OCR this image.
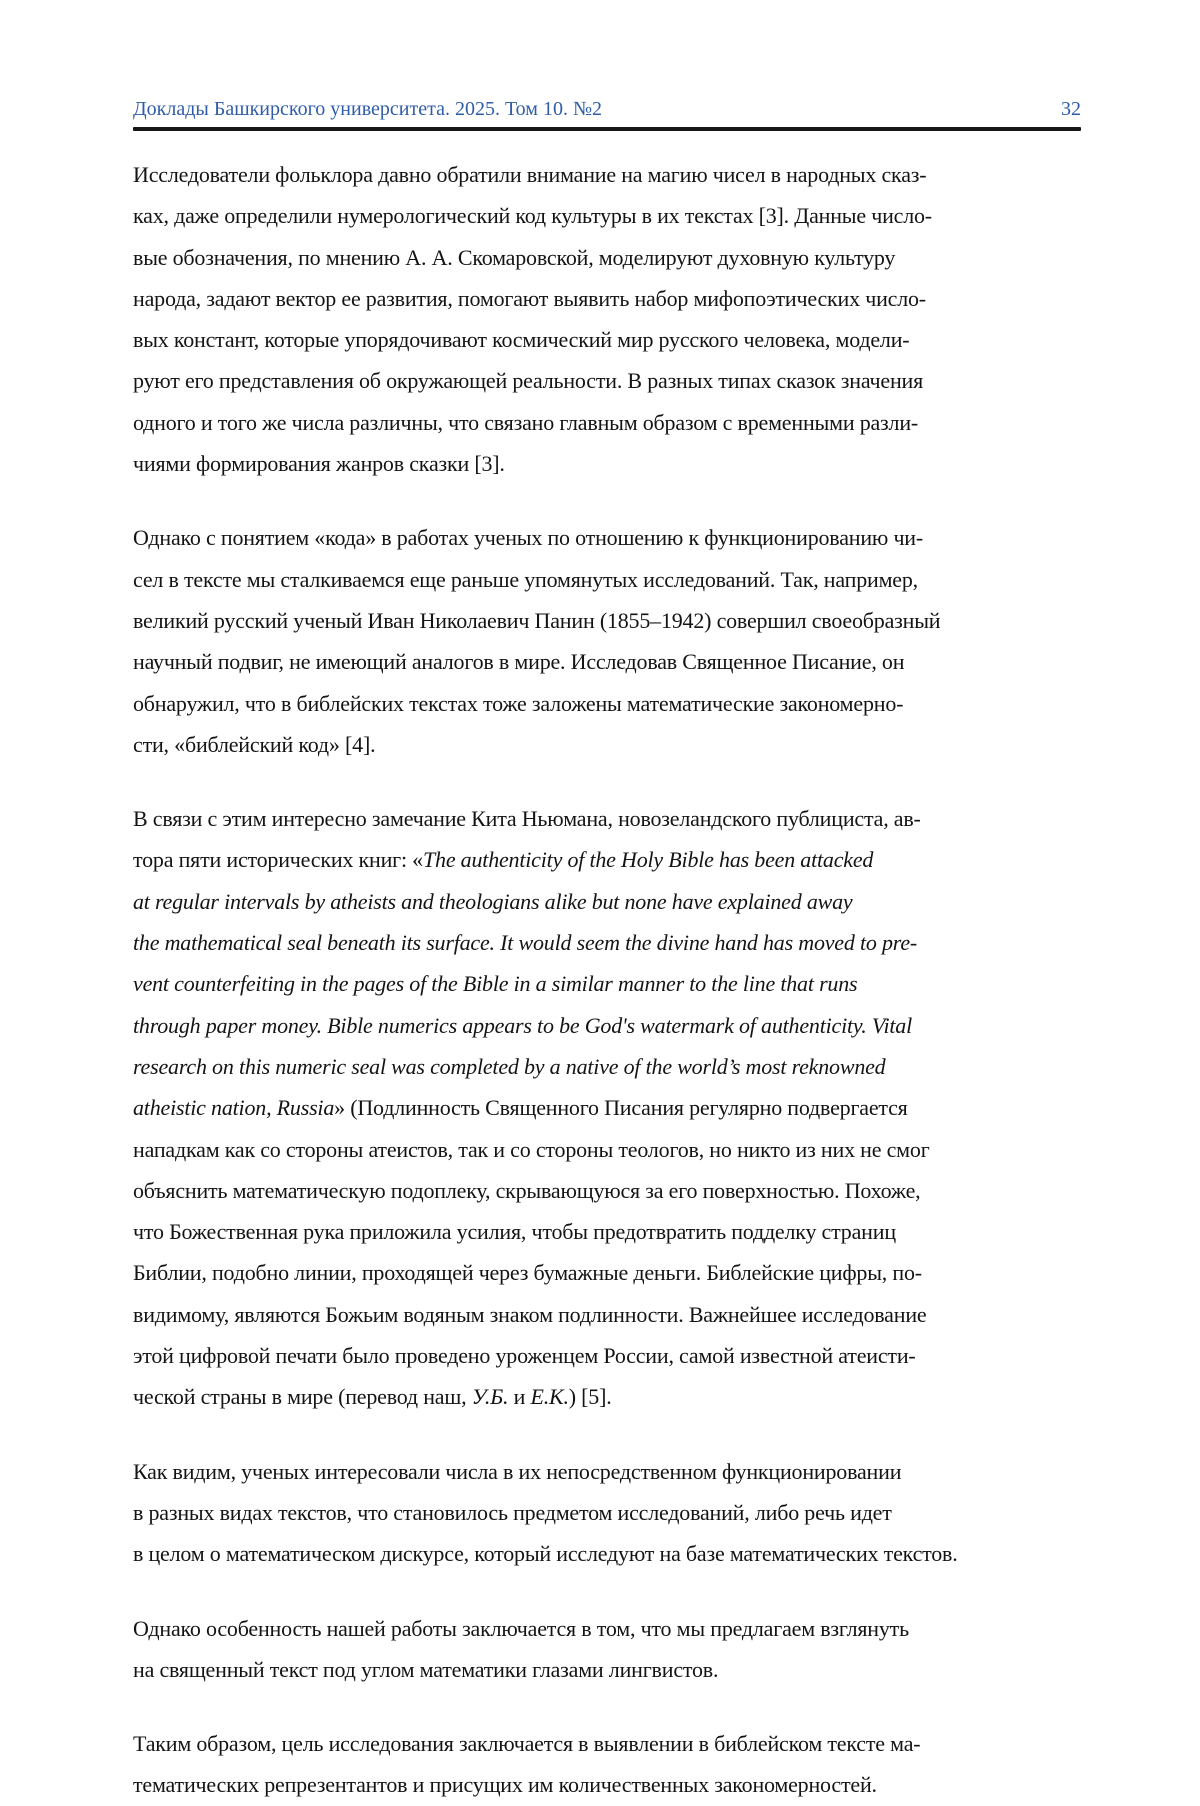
Доклады Башкирского университета. 2025. Том 10. №2	32
Исследователи фольклора давно обратили внимание на магию чисел в народных сказ-
ках, даже определили нумерологический код культуры в их текстах [3]. Данные число-
вые обозначения, по мнению А. А. Скомаровской, моделируют духовную культуру
народа, задают вектор ее развития, помогают выявить набор мифопоэтических число-
вых констант, которые упорядочивают космический мир русского человека, модели-
руют его представления об окружающей реальности. В разных типах сказок значения
одного и того же числа различны, что связано главным образом с временными разли-
чиями формирования жанров сказки [3].
Однако с понятием «кода» в работах ученых по отношению к функционированию чи-
сел в тексте мы сталкиваемся еще раньше упомянутых исследований. Так, например,
великий русский ученый Иван Николаевич Панин (1855–1942) совершил своеобразный
научный подвиг, не имеющий аналогов в мире. Исследовав Священное Писание, он
обнаружил, что в библейских текстах тоже заложены математические закономерно-
сти, «библейский код» [4].
В связи с этим интересно замечание Кита Ньюмана, новозеландского публициста, ав-
тора пяти исторических книг: «The authenticity of the Holy Bible has been attacked
at regular intervals by atheists and theologians alike but none have explained away
the mathematical seal beneath its surface. It would seem the divine hand has moved to pre-
vent counterfeiting in the pages of the Bible in a similar manner to the line that runs
through paper money. Bible numerics appears to be God's watermark of authenticity. Vital
research on this numeric seal was completed by a native of the world’s most reknowned
atheistic nation, Russia» (Подлинность Священного Писания регулярно подвергается
нападкам как со стороны атеистов, так и со стороны теологов, но никто из них не смог
объяснить математическую подоплеку, скрывающуюся за его поверхностью. Похоже,
что Божественная рука приложила усилия, чтобы предотвратить подделку страниц
Библии, подобно линии, проходящей через бумажные деньги. Библейские цифры, по-
видимому, являются Божьим водяным знаком подлинности. Важнейшее исследование
этой цифровой печати было проведено уроженцем России, самой известной атеисти-
ческой страны в мире (перевод наш, У.Б. и Е.К.) [5].
Как видим, ученых интересовали числа в их непосредственном функционировании
в разных видах текстов, что становилось предметом исследований, либо речь идет
в целом о математическом дискурсе, который исследуют на базе математических текстов.
Однако особенность нашей работы заключается в том, что мы предлагаем взглянуть
на священный текст под углом математики глазами лингвистов.
Таким образом, цель исследования заключается в выявлении в библейском тексте ма-
тематических репрезентантов и присущих им количественных закономерностей.
